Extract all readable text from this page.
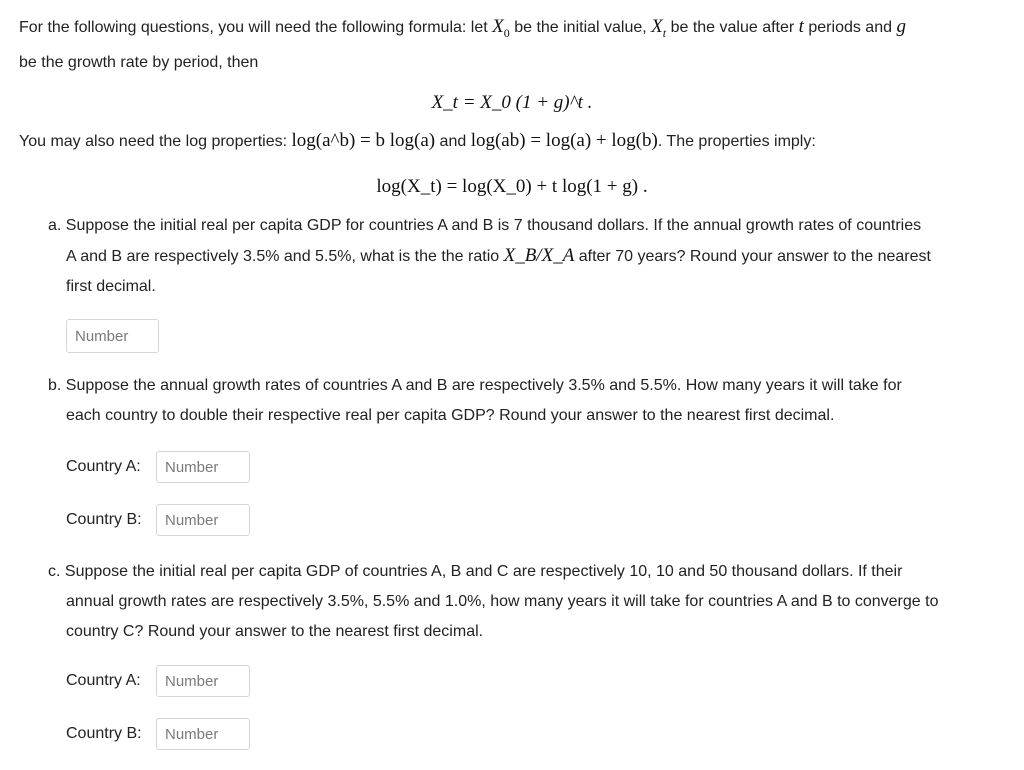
For the following questions, you will need the following formula: let $X_0$ be the initial value, $X_t$ be the value after t periods and g
be the growth rate by period, then
X_t = X_0 (1 + g)^t .
You may also need the log properties: log(a^b) = b log(a) and log(ab) = log(a) + log(b). The properties imply:
log(X_t) = log(X_0) + t log(1 + g) .
a. Suppose the initial real per capita GDP for countries A and B is 7 thousand dollars. If the annual growth rates of countries
A and B are respectively 3.5% and 5.5%, what is the the ratio X_B/X_A after 70 years? Round your answer to the nearest
first decimal.
Number
b. Suppose the annual growth rates of countries A and B are respectively 3.5% and 5.5%. How many years it will take for
each country to double their respective real per capita GDP? Round your answer to the nearest first decimal.
Country A:
Number
Country B:
Number
c. Suppose the initial real per capita GDP of countries A, B and C are respectively 10, 10 and 50 thousand dollars. If their
annual growth rates are respectively 3.5%, 5.5% and 1.0%, how many years it will take for countries A and B to converge to
country C? Round your answer to the nearest first decimal.
Country A:
Number
Country B:
Number
